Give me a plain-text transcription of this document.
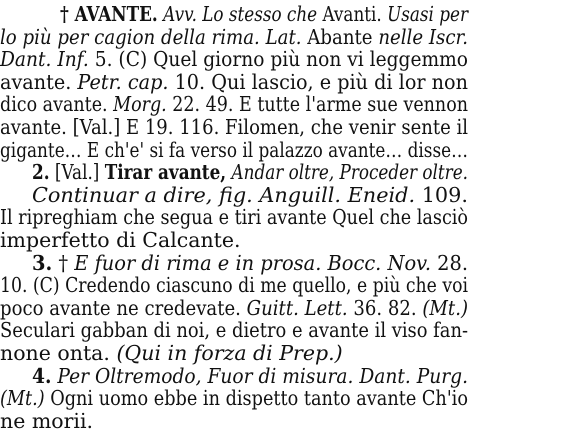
† AVANTE. Avv. Lo stesso che Avanti. Usasi per
lo più per cagion della rima. Lat. Abante nelle Iscr.
Dant. Inf. 5. (C) Quel giorno più non vi leggemmo
avante. Petr. cap. 10. Qui lascio, e più di lor non
dico avante. Morg. 22. 49. E tutte l'arme sue vennon
avante. [Val.] E 19. 116. Filomen, che venir sente il
gigante… E ch'e' si fa verso il palazzo avante… disse…
2. [Val.] Tirar avante, Andar oltre, Proceder oltre.
Continuar a dire, fig. Anguill. Eneid. 109.
Il ripreghiam che segua e tiri avante Quel che lasciò
imperfetto di Calcante.
3. † E fuor di rima e in prosa. Bocc. Nov. 28.
10. (C) Credendo ciascuno di me quello, e più che voi
poco avante ne credevate. Guitt. Lett. 36. 82. (Mt.)
Seculari gabban di noi, e dietro e avante il viso fan-
none onta. (Qui in forza di Prep.)
4. Per Oltremodo, Fuor di misura. Dant. Purg.
(Mt.) Ogni uomo ebbe in dispetto tanto avante Ch'io
ne morii.
